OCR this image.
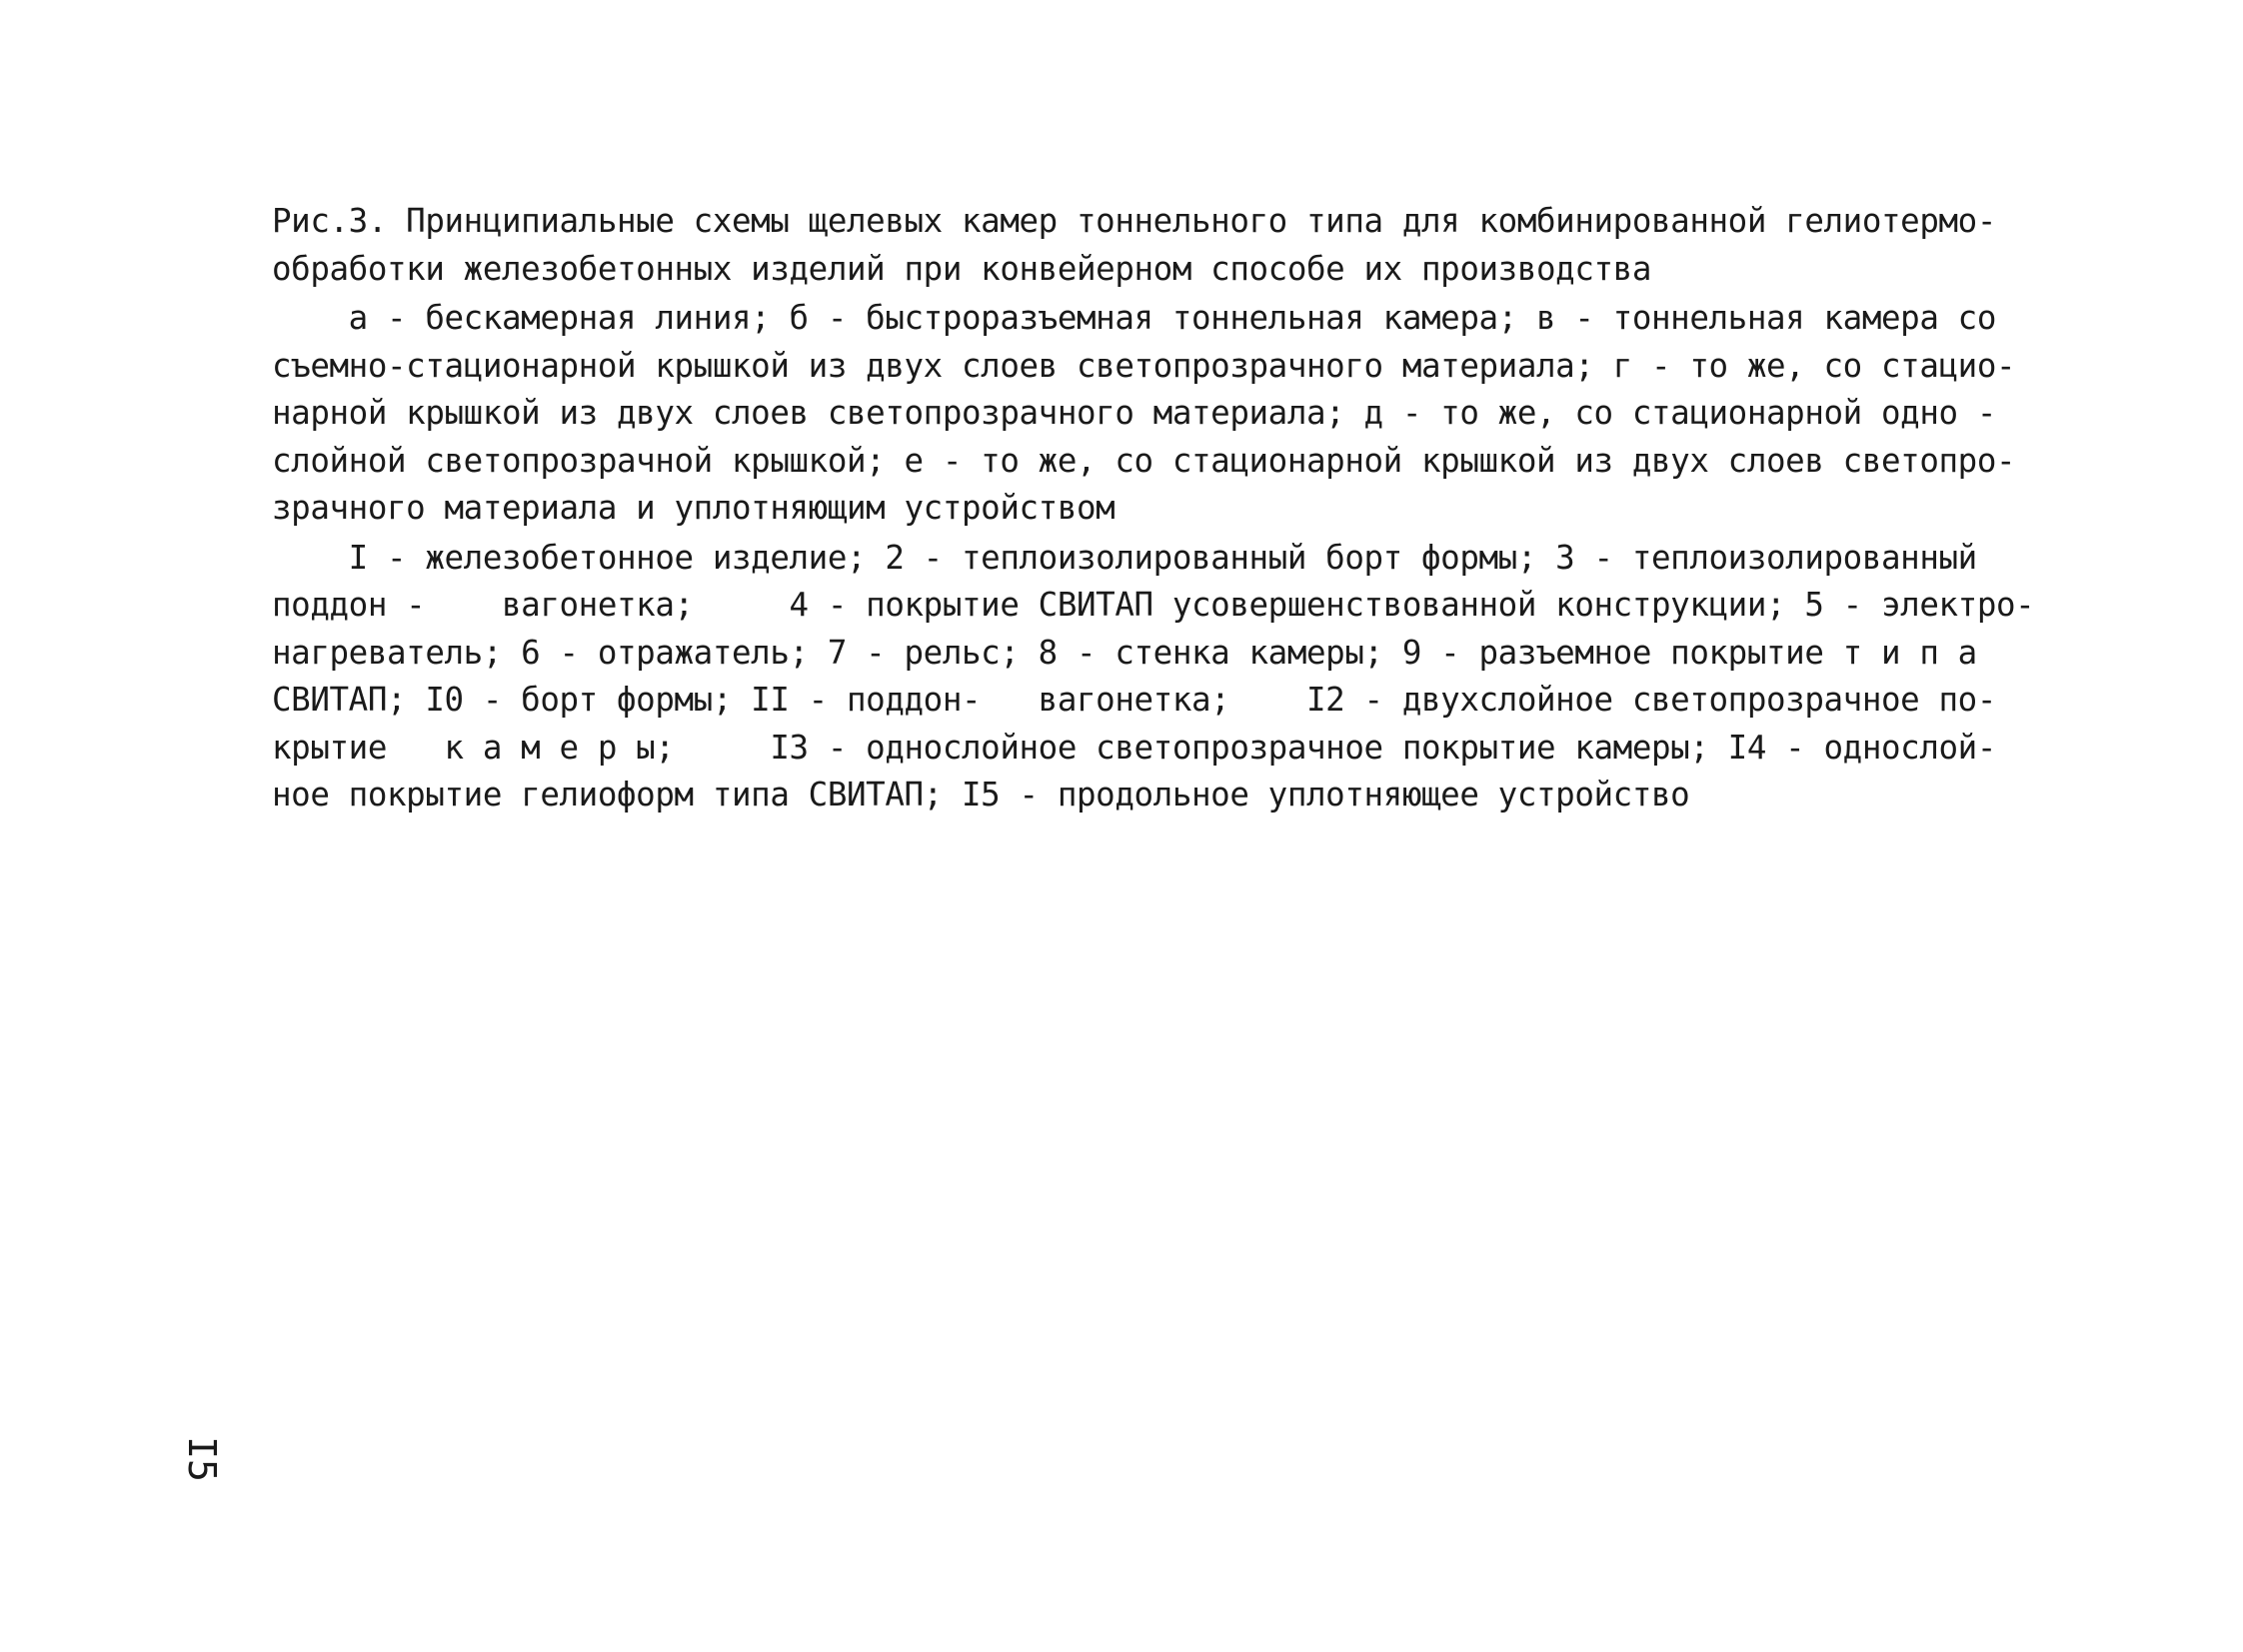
Рис.3. Принципиальные схемы щелевых камер тоннельного типа для комбинированной гелиотермо-
обработки железобетонных изделий при конвейерном способе их производства
а - бескамерная линия; б - быстроразъемная тоннельная камера; в - тоннельная камера со
съемно-стационарной крышкой из двух слоев светопрозрачного материала; г - то же, со стацио-
нарной крышкой из двух слоев светопрозрачного материала; д - то же, со стационарной одно -
слойной светопрозрачной крышкой; е - то же, со стационарной крышкой из двух слоев светопро-
зрачного материала и уплотняющим устройством
I - железобетонное изделие; 2 - теплоизолированный борт формы; 3 - теплоизолированный
поддон -    вагонетка;     4 - покрытие СВИТАП усовершенствованной конструкции; 5 - электро-
нагреватель; 6 - отражатель; 7 - рельс; 8 - стенка камеры; 9 - разъемное покрытие т и п а
СВИТАП; I0 - борт формы; II - поддон-   вагонетка;    I2 - двухслойное светопрозрачное по-
крытие   к а м е р ы;     I3 - однослойное светопрозрачное покрытие камеры; I4 - однослой-
ное покрытие гелиоформ типа СВИТАП; I5 - продольное уплотняющее устройство
I5
